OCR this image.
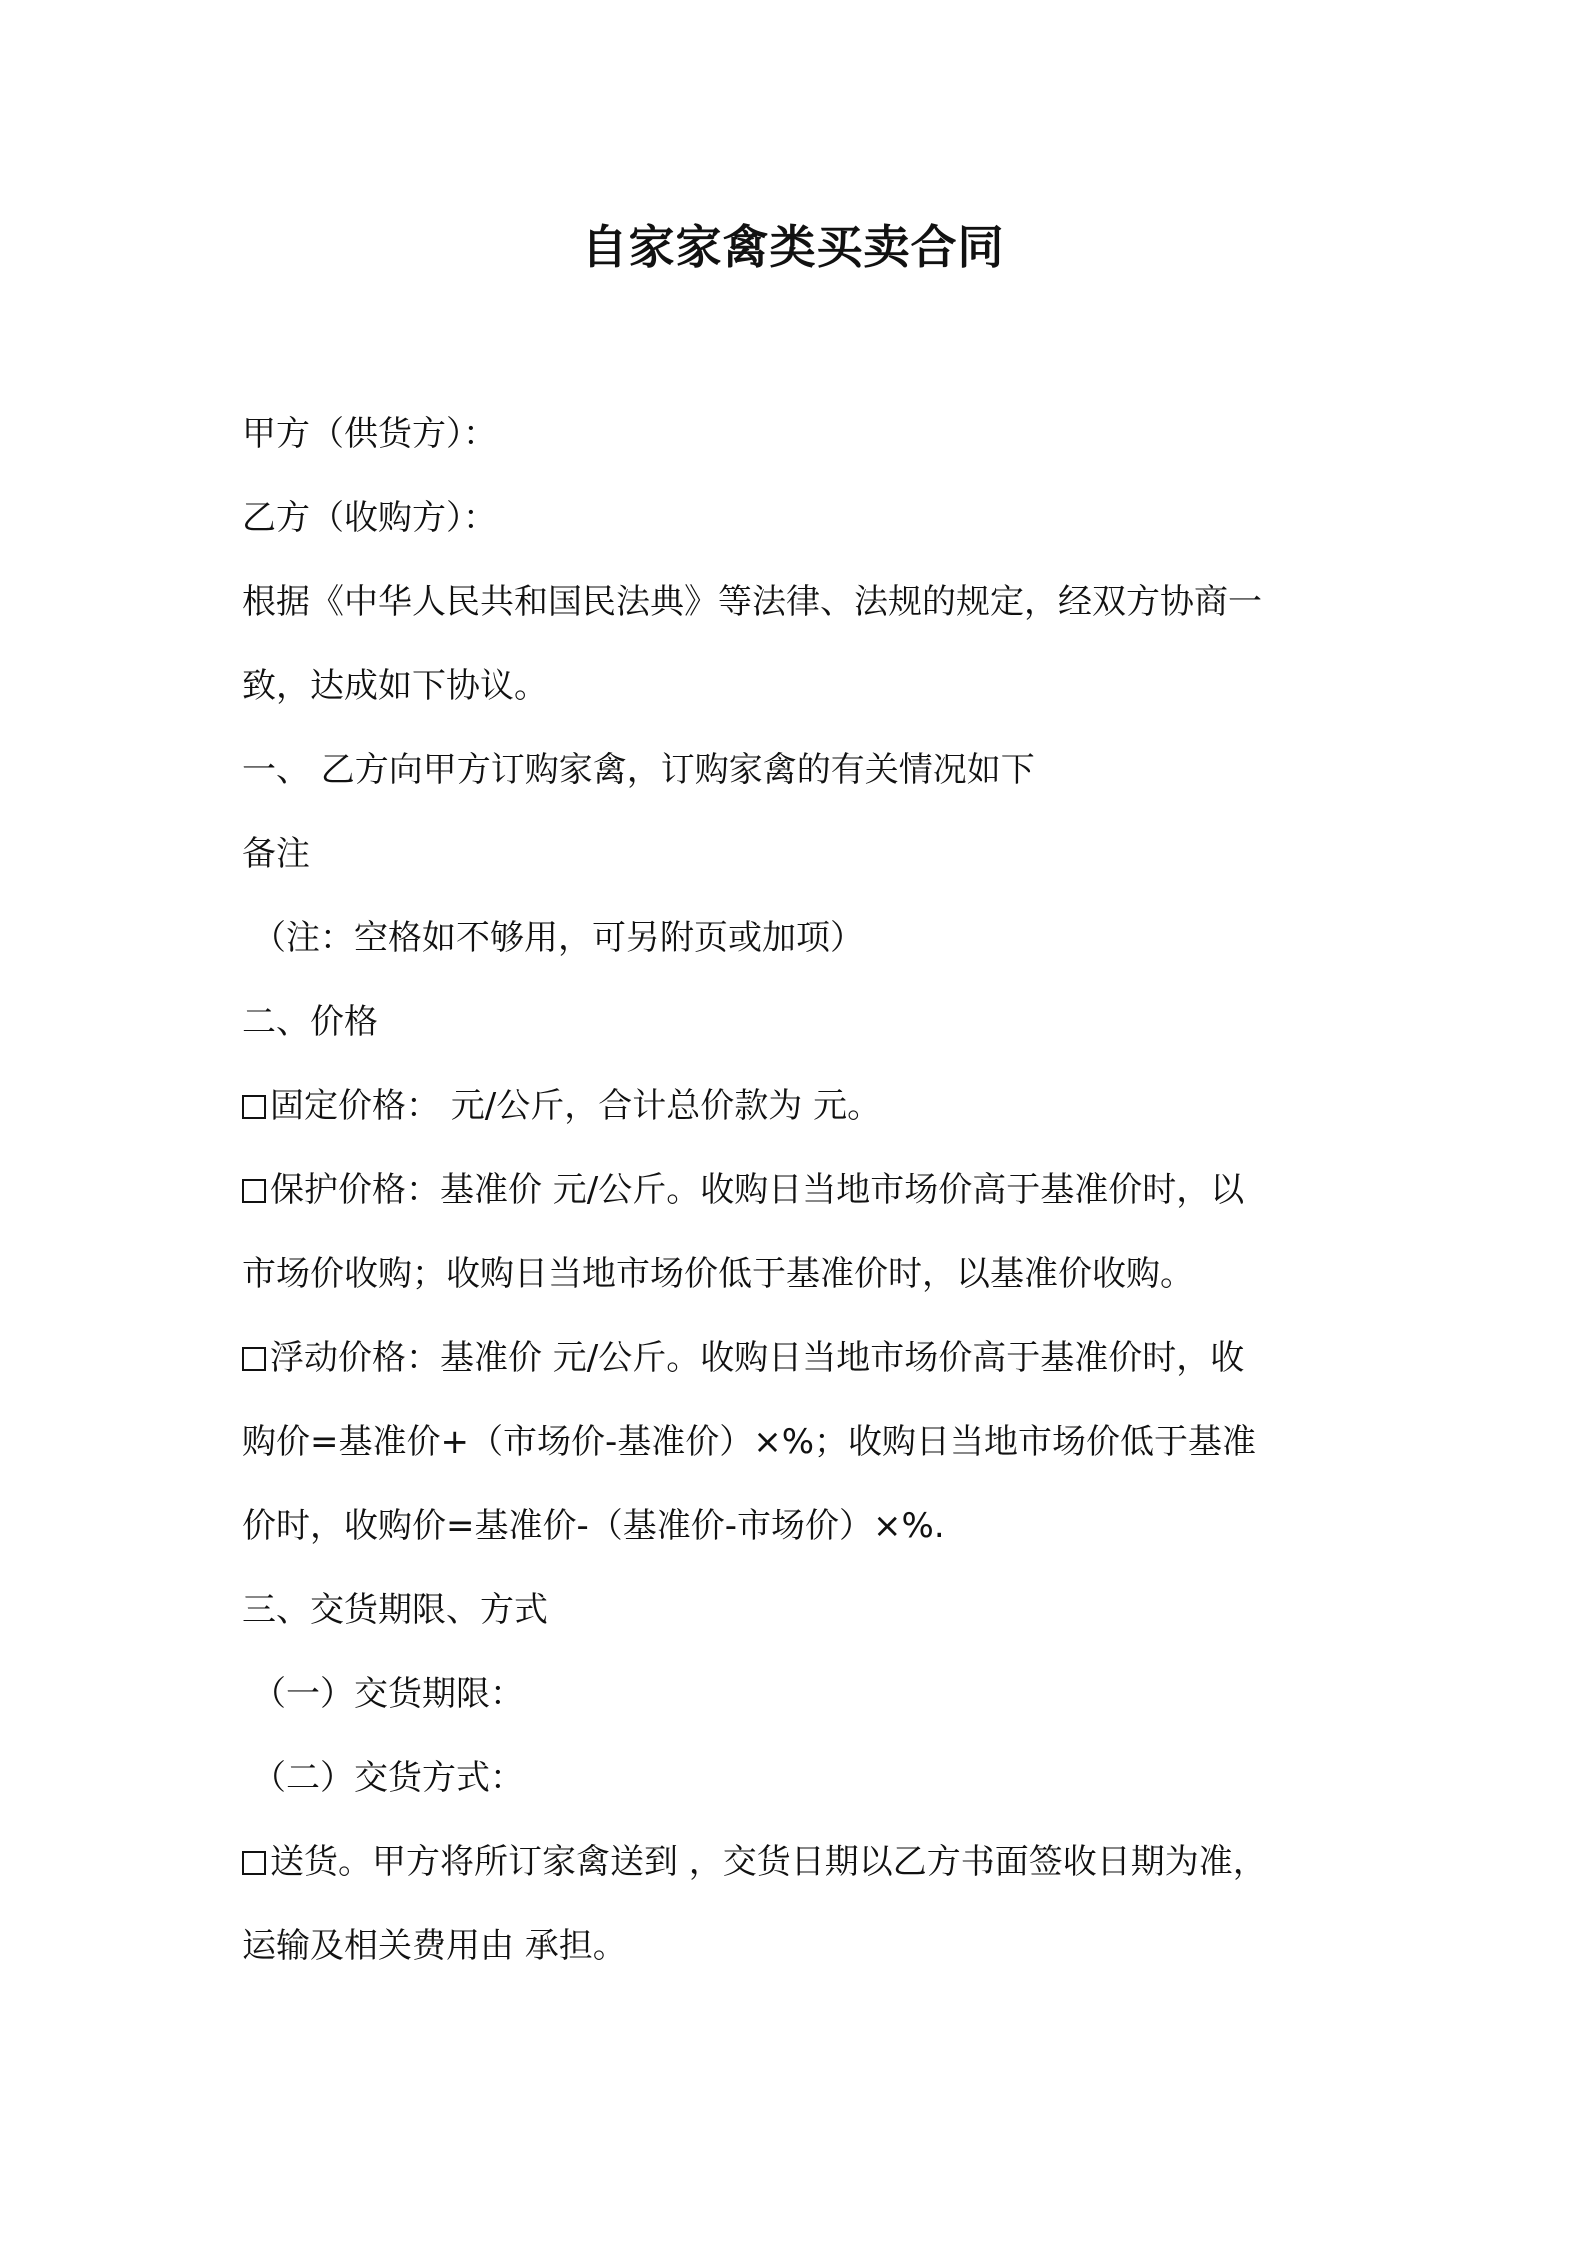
自家家禽类买卖合同

甲方（供货方）：

乙方（收购方）：

根据《中华人民共和国民法典》等法律、法规的规定，经双方协商一

致，达成如下协议。

一、 乙方向甲方订购家禽，订购家禽的有关情况如下

备注

（注：空格如不够用，可另附页或加项）

二、价格

固定价格： 元/公斤，合计总价款为 元。

保护价格：基准价 元/公斤。收购日当地市场价高于基准价时，以

市场价收购；收购日当地市场价低于基准价时，以基准价收购。

浮动价格：基准价 元/公斤。收购日当地市场价高于基准价时，收

购价=基准价+（市场价-基准价）×%；收购日当地市场价低于基准

价时，收购价=基准价-（基准价-市场价）×%.

三、交货期限、方式

（一）交货期限：

（二）交货方式：

送货。甲方将所订家禽送到 ，交货日期以乙方书面签收日期为准，

运输及相关费用由 承担。
